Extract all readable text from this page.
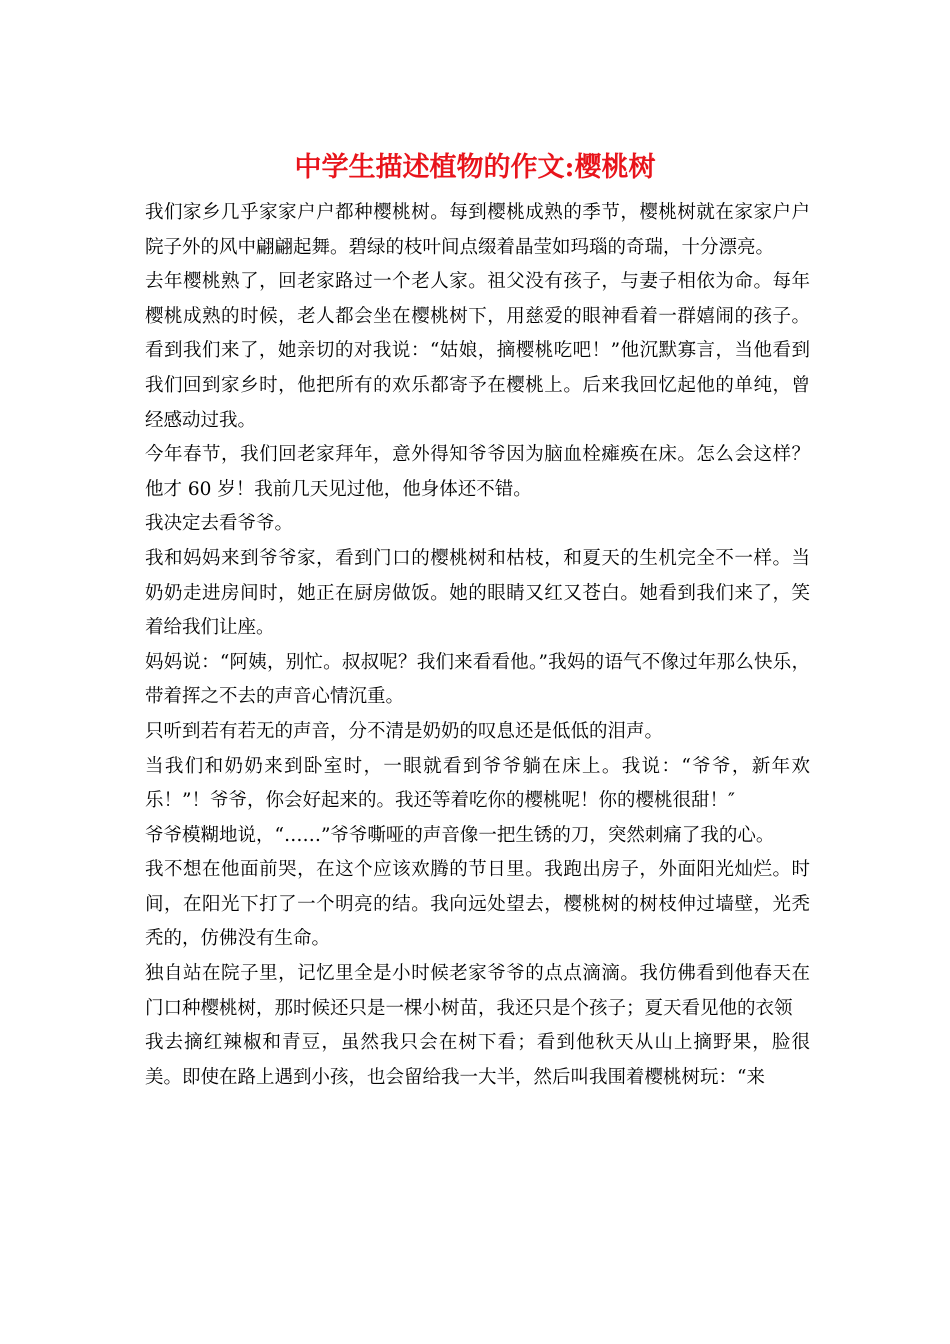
中学生描述植物的作文:樱桃树

我们家乡几乎家家户户都种樱桃树。每到樱桃成熟的季节，樱桃树就在家家户户院子外的风中翩翩起舞。碧绿的枝叶间点缀着晶莹如玛瑙的奇瑞，十分漂亮。

去年樱桃熟了，回老家路过一个老人家。祖父没有孩子，与妻子相依为命。每年樱桃成熟的时候，老人都会坐在樱桃树下，用慈爱的眼神看着一群嬉闹的孩子。看到我们来了，她亲切的对我说：“姑娘，摘樱桃吃吧！”他沉默寡言，当他看到我们回到家乡时，他把所有的欢乐都寄予在樱桃上。后来我回忆起他的单纯，曾经感动过我。

今年春节，我们回老家拜年，意外得知爷爷因为脑血栓瘫痪在床。怎么会这样？他才 60 岁！我前几天见过他，他身体还不错。

我决定去看爷爷。

我和妈妈来到爷爷家，看到门口的樱桃树和枯枝，和夏天的生机完全不一样。当奶奶走进房间时，她正在厨房做饭。她的眼睛又红又苍白。她看到我们来了，笑着给我们让座。

妈妈说：“阿姨，别忙。叔叔呢？我们来看看他。”我妈的语气不像过年那么快乐，带着挥之不去的声音心情沉重。

只听到若有若无的声音，分不清是奶奶的叹息还是低低的泪声。

当我们和奶奶来到卧室时，一眼就看到爷爷躺在床上。我说：“爷爷，新年欢乐！”！爷爷，你会好起来的。我还等着吃你的樱桃呢！你的樱桃很甜！″

爷爷模糊地说，“……”爷爷嘶哑的声音像一把生锈的刀，突然刺痛了我的心。

我不想在他面前哭，在这个应该欢腾的节日里。我跑出房子，外面阳光灿烂。时间，在阳光下打了一个明亮的结。我向远处望去，樱桃树的树枝伸过墙壁，光秃秃的，仿佛没有生命。

独自站在院子里，记忆里全是小时候老家爷爷的点点滴滴。我仿佛看到他春天在门口种樱桃树，那时候还只是一棵小树苗，我还只是个孩子；夏天看见他的衣领

我去摘红辣椒和青豆，虽然我只会在树下看；看到他秋天从山上摘野果，脸很美。即使在路上遇到小孩，也会留给我一大半，然后叫我围着樱桃树玩：“来
